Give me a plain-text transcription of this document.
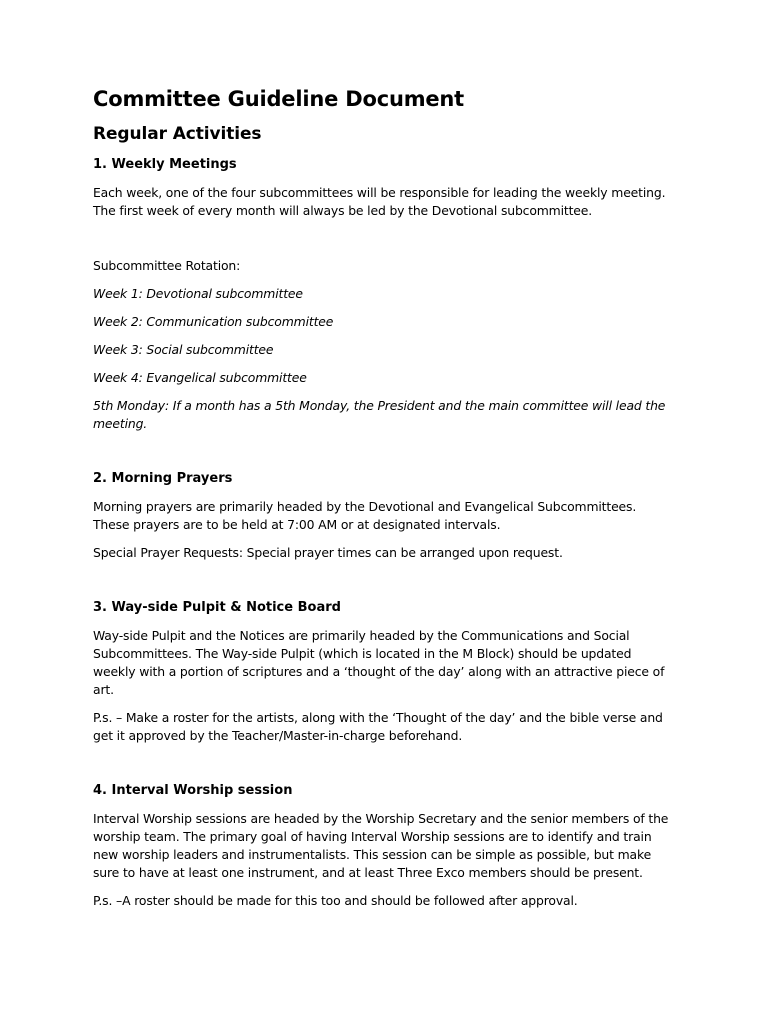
Committee Guideline Document
Regular Activities
1. Weekly Meetings

Each week, one of the four subcommittees will be responsible for leading the weekly meeting. The first week of every month will always be led by the Devotional subcommittee.

Subcommittee Rotation:

Week 1: Devotional subcommittee

Week 2: Communication subcommittee

Week 3: Social subcommittee

Week 4: Evangelical subcommittee

5th Monday: If a month has a 5th Monday, the President and the main committee will lead the meeting.

2. Morning Prayers

Morning prayers are primarily headed by the Devotional and Evangelical Subcommittees. These prayers are to be held at 7:00 AM or at designated intervals.

Special Prayer Requests: Special prayer times can be arranged upon request.

3. Way-side Pulpit & Notice Board

Way-side Pulpit and the Notices are primarily headed by the Communications and Social Subcommittees. The Way-side Pulpit (which is located in the M Block) should be updated weekly with a portion of scriptures and a ‘thought of the day’ along with an attractive piece of art.

P.s. – Make a roster for the artists, along with the ‘Thought of the day’ and the bible verse and get it approved by the Teacher/Master-in-charge beforehand.

4. Interval Worship session

Interval Worship sessions are headed by the Worship Secretary and the senior members of the worship team. The primary goal of having Interval Worship sessions are to identify and train new worship leaders and instrumentalists. This session can be simple as possible, but make sure to have at least one instrument, and at least Three Exco members should be present.

P.s. –A roster should be made for this too and should be followed after approval.
